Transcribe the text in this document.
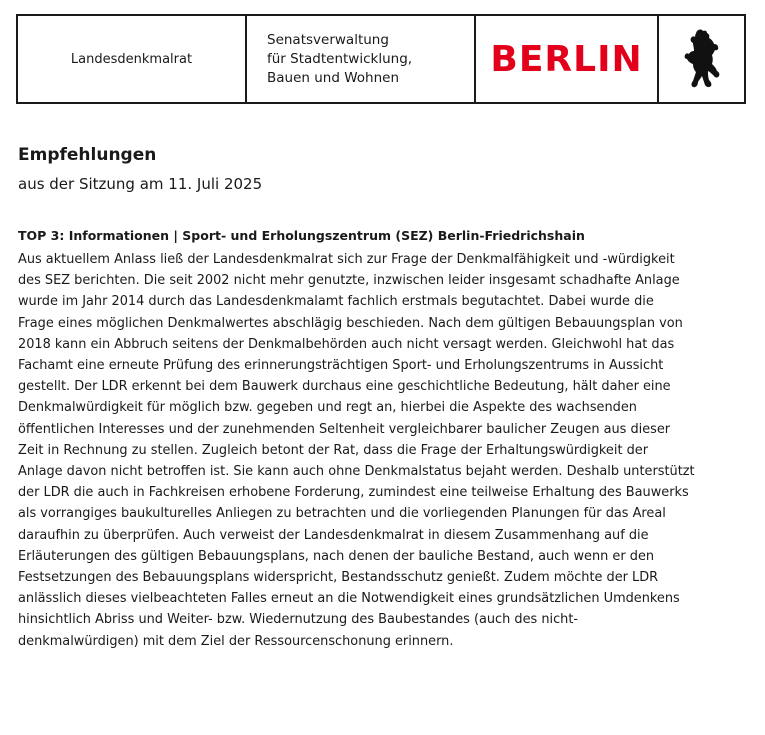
Landesdenkmalrat
Senatsverwaltung
für Stadtentwicklung,
Bauen und Wohnen	BERLIN
Empfehlungen

aus der Sitzung am 11. Juli 2025

TOP 3: Informationen | Sport- und Erholungszentrum (SEZ) Berlin-Friedrichshain

Aus aktuellem Anlass ließ der Landesdenkmalrat sich zur Frage der Denkmalfähigkeit und -würdigkeit
des SEZ berichten. Die seit 2002 nicht mehr genutzte, inzwischen leider insgesamt schadhafte Anlage
wurde im Jahr 2014 durch das Landesdenkmalamt fachlich erstmals begutachtet. Dabei wurde die
Frage eines möglichen Denkmalwertes abschlägig beschieden. Nach dem gültigen Bebauungsplan von
2018 kann ein Abbruch seitens der Denkmalbehörden auch nicht versagt werden. Gleichwohl hat das
Fachamt eine erneute Prüfung des erinnerungsträchtigen Sport- und Erholungszentrums in Aussicht
gestellt. Der LDR erkennt bei dem Bauwerk durchaus eine geschichtliche Bedeutung, hält daher eine
Denkmalwürdigkeit für möglich bzw. gegeben und regt an, hierbei die Aspekte des wachsenden
öffentlichen Interesses und der zunehmenden Seltenheit vergleichbarer baulicher Zeugen aus dieser
Zeit in Rechnung zu stellen. Zugleich betont der Rat, dass die Frage der Erhaltungswürdigkeit der
Anlage davon nicht betroffen ist. Sie kann auch ohne Denkmalstatus bejaht werden. Deshalb unterstützt
der LDR die auch in Fachkreisen erhobene Forderung, zumindest eine teilweise Erhaltung des Bauwerks
als vorrangiges baukulturelles Anliegen zu betrachten und die vorliegenden Planungen für das Areal
daraufhin zu überprüfen. Auch verweist der Landesdenkmalrat in diesem Zusammenhang auf die
Erläuterungen des gültigen Bebauungsplans, nach denen der bauliche Bestand, auch wenn er den
Festsetzungen des Bebauungsplans widerspricht, Bestandsschutz genießt. Zudem möchte der LDR
anlässlich dieses vielbeachteten Falles erneut an die Notwendigkeit eines grundsätzlichen Umdenkens
hinsichtlich Abriss und Weiter- bzw. Wiedernutzung des Baubestandes (auch des nicht-
denkmalwürdigen) mit dem Ziel der Ressourcenschonung erinnern.
